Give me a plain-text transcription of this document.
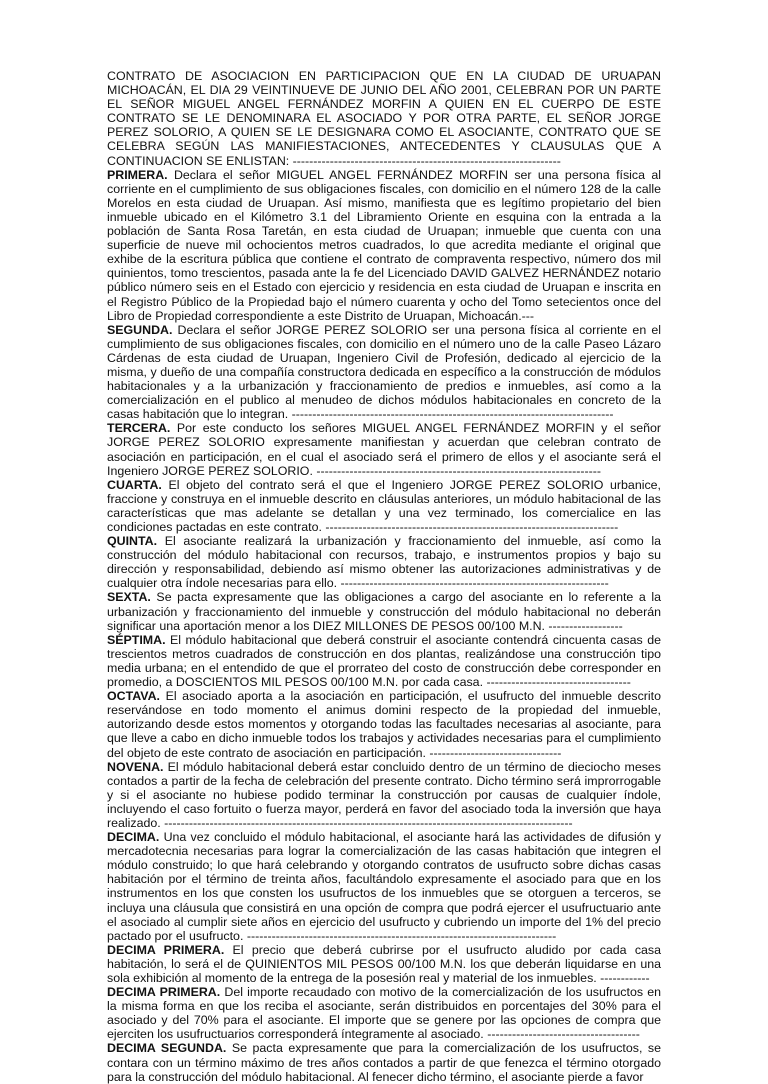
CONTRATO DE ASOCIACION EN PARTICIPACION QUE EN LA CIUDAD DE URUAPAN MICHOACÁN, EL DIA 29 VEINTINUEVE DE JUNIO DEL AÑO 2001, CELEBRAN POR UN PARTE EL SEÑOR MIGUEL ANGEL FERNÁNDEZ MORFIN A QUIEN EN EL CUERPO DE ESTE CONTRATO SE LE DENOMINARA EL ASOCIADO Y POR OTRA PARTE, EL SEÑOR JORGE PEREZ SOLORIO, A QUIEN SE LE DESIGNARA COMO EL ASOCIANTE, CONTRATO QUE SE CELEBRA SEGÚN LAS MANIFIESTACIONES, ANTECEDENTES Y CLAUSULAS QUE A CONTINUACION SE ENLISTAN: -----------------------------------------------------------------

PRIMERA. Declara el señor MIGUEL ANGEL FERNÁNDEZ MORFIN ser una persona física al corriente en el cumplimiento de sus obligaciones fiscales, con domicilio en el número 128 de la calle Morelos en esta ciudad de Uruapan. Así mismo, manifiesta que es legítimo propietario del bien inmueble ubicado en el Kilómetro 3.1 del Libramiento Oriente en esquina con la entrada a la población de Santa Rosa Taretán, en esta ciudad de Uruapan; inmueble que cuenta con una superficie de nueve mil ochocientos metros cuadrados, lo que acredita mediante el original que exhibe de la escritura pública que contiene el contrato de compraventa respectivo, número dos mil quinientos, tomo trescientos, pasada ante la fe del Licenciado DAVID GALVEZ HERNÁNDEZ notario público número seis en el Estado con ejercicio y residencia en esta ciudad de Uruapan e inscrita en el Registro Público de la Propiedad bajo el número cuarenta y ocho del Tomo setecientos once del Libro de Propiedad correspondiente a este Distrito de Uruapan, Michoacán.---

SEGUNDA. Declara el señor JORGE PEREZ SOLORIO ser una persona física al corriente en el cumplimiento de sus obligaciones fiscales, con domicilio en el número uno de la calle Paseo Lázaro Cárdenas de esta ciudad de Uruapan, Ingeniero Civil de Profesión, dedicado al ejercicio de la misma, y dueño de una compañía constructora dedicada en específico a la construcción de módulos habitacionales y a la urbanización y fraccionamiento de predios e inmuebles, así como a la comercialización en el publico al menudeo de dichos módulos habitacionales en concreto de la casas habitación que lo integran. ------------------------------------------------------------------------------

TERCERA. Por este conducto los señores MIGUEL ANGEL FERNÁNDEZ MORFIN y el señor JORGE PEREZ SOLORIO expresamente manifiestan y acuerdan que celebran contrato de asociación en participación, en el cual el asociado será el primero de ellos y el asociante será el Ingeniero JORGE PEREZ SOLORIO. ---------------------------------------------------------------------

CUARTA. El objeto del contrato será el que el Ingeniero JORGE PEREZ SOLORIO urbanice, fraccione y construya en el inmueble descrito en cláusulas anteriores, un módulo habitacional de las características que mas adelante se detallan y una vez terminado, los comercialice en las condiciones pactadas en este contrato. -----------------------------------------------------------------------

QUINTA. El asociante realizará la urbanización y fraccionamiento del inmueble, así como la construcción del módulo habitacional con recursos, trabajo, e instrumentos propios y bajo su dirección y responsabilidad, debiendo así mismo obtener las autorizaciones administrativas y de cualquier otra índole necesarias para ello. -----------------------------------------------------------------

SEXTA. Se pacta expresamente que las obligaciones a cargo del asociante en lo referente a la urbanización y fraccionamiento del inmueble y construcción del módulo habitacional no deberán significar una aportación menor a los DIEZ MILLONES DE PESOS 00/100 M.N. ------------------

SÉPTIMA. El módulo habitacional que deberá construir el asociante contendrá cincuenta casas de trescientos metros cuadrados de construcción en dos plantas, realizándose una construcción tipo media urbana; en el entendido de que el prorrateo del costo de construcción debe corresponder en promedio, a DOSCIENTOS MIL PESOS 00/100 M.N. por cada casa. -----------------------------------

OCTAVA. El asociado aporta a la asociación en participación, el usufructo del inmueble descrito reservándose en todo momento el animus domini respecto de la propiedad del inmueble, autorizando desde estos momentos y otorgando todas las facultades necesarias al asociante, para que lleve a cabo en dicho inmueble todos los trabajos y actividades necesarias para el cumplimiento del objeto de este contrato de asociación en participación. --------------------------------

NOVENA. El módulo habitacional deberá estar concluido dentro de un término de dieciocho meses contados a partir de la fecha de celebración del presente contrato. Dicho término será improrrogable y si el asociante no hubiese podido terminar la construcción por causas de cualquier índole, incluyendo el caso fortuito o fuerza mayor, perderá en favor del asociado toda la inversión que haya realizado. ---------------------------------------------------------------------------------------------------

DECIMA. Una vez concluido el módulo habitacional, el asociante hará las actividades de difusión y mercadotecnia necesarias para lograr la comercialización de las casas habitación que integren el módulo construido; lo que hará celebrando y otorgando contratos de usufructo sobre dichas casas habitación por el término de treinta años, facultándolo expresamente el asociado para que en los instrumentos en los que consten los usufructos de los inmuebles que se otorguen a terceros, se incluya una cláusula que consistirá en una opción de compra que podrá ejercer el usufructuario ante el asociado al cumplir siete años en ejercicio del usufructo y cubriendo un importe del 1% del precio pactado por el usufructo. ---------------------------------------------------------------------------

DECIMA PRIMERA. El precio que deberá cubrirse por el usufructo aludido por cada casa habitación, lo será el de QUINIENTOS MIL PESOS 00/100 M.N. los que deberán liquidarse en una sola exhibición al momento de la entrega de la posesión real y material de los inmuebles. ------------

DECIMA PRIMERA. Del importe recaudado con motivo de la comercialización de los usufructos en la misma forma en que los reciba el asociante, serán distribuidos en porcentajes del 30% para el asociado y del 70% para el asociante. El importe que se genere por las opciones de compra que ejerciten los usufructuarios corresponderá íntegramente al asociado. -------------------------------------

DECIMA SEGUNDA. Se pacta expresamente que para la comercialización de los usufructos, se contara con un término máximo de tres años contados a partir de que fenezca el término otorgado para la construcción del módulo habitacional. Al fenecer dicho término, el asociante pierde a favor
